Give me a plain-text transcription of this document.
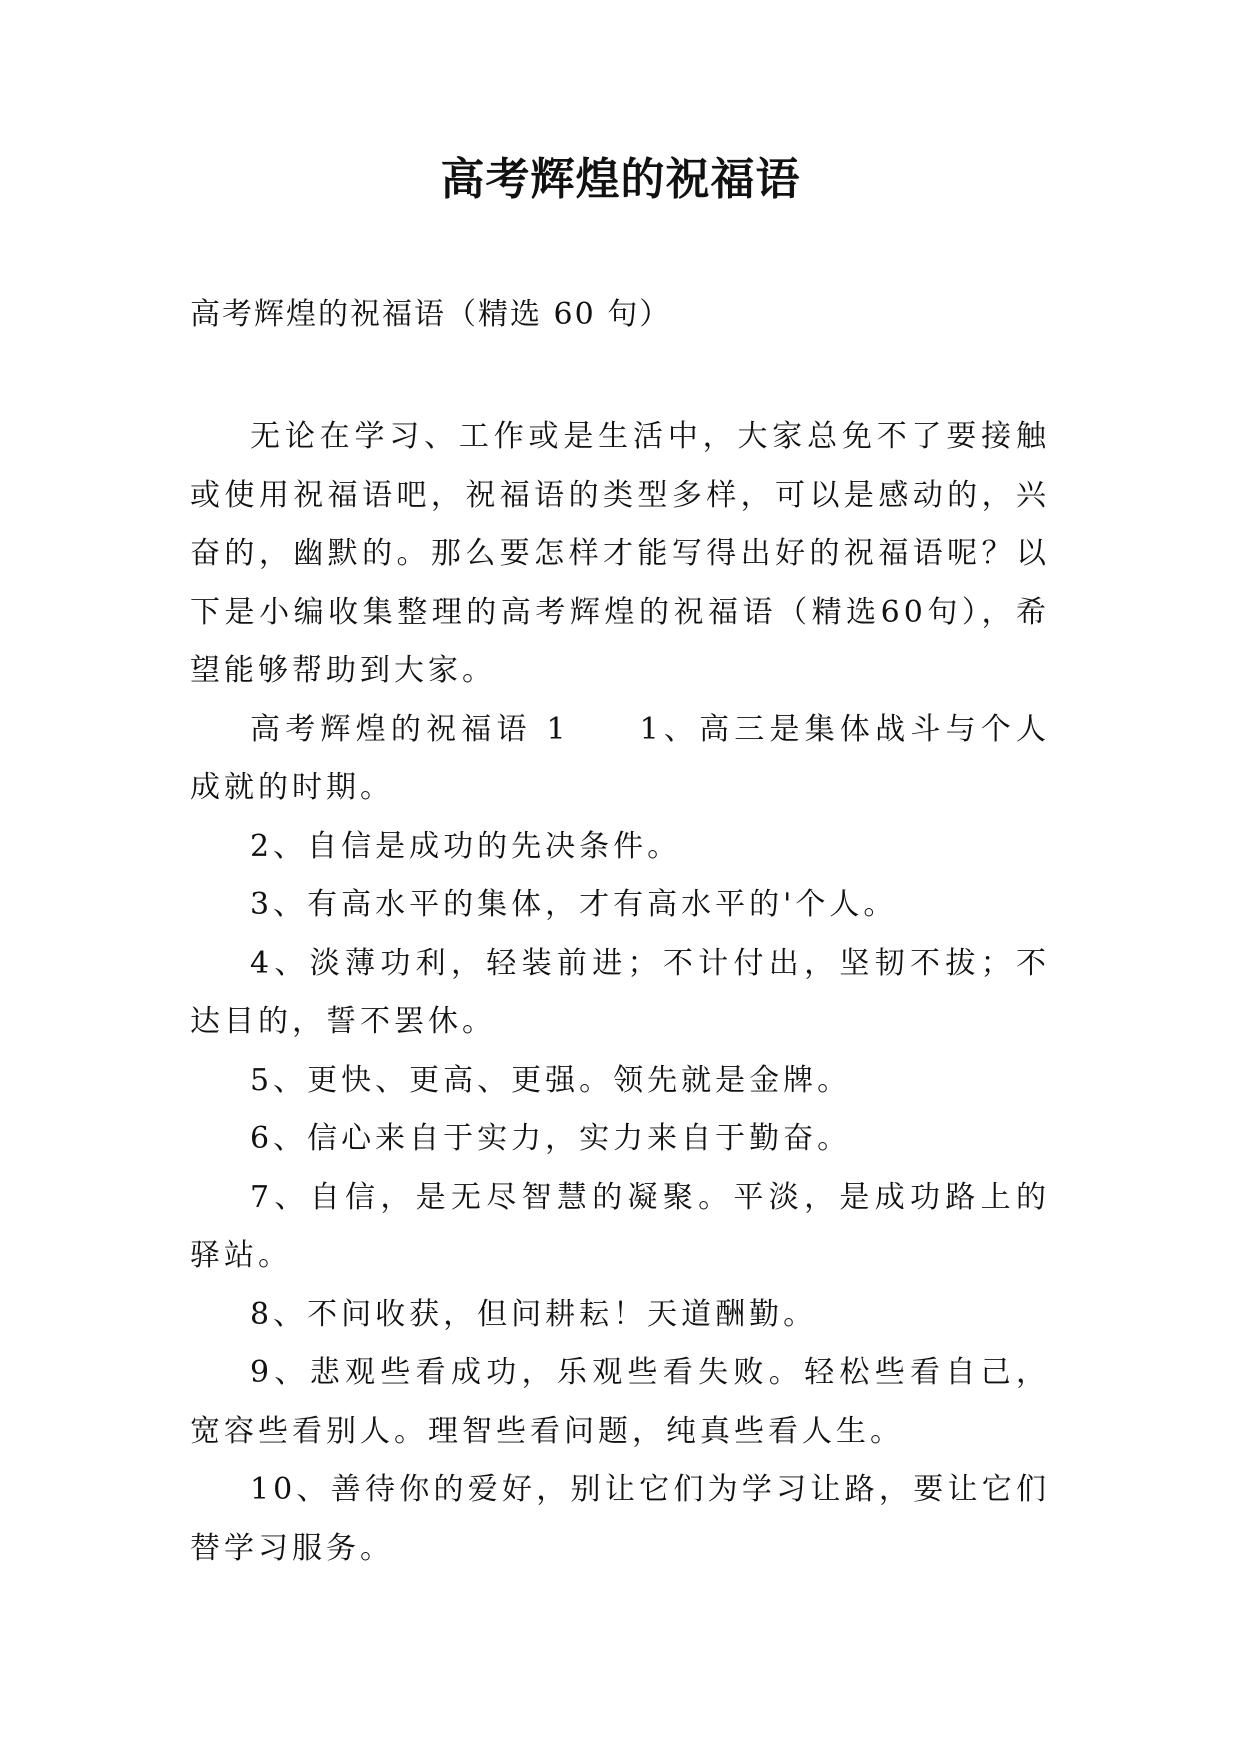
高考辉煌的祝福语
高考辉煌的祝福语（精选 60 句）

无论在学习、工作或是生活中，大家总免不了要接触或使用祝福语吧，祝福语的类型多样，可以是感动的，兴奋的，幽默的。那么要怎样才能写得出好的祝福语呢？以下是小编收集整理的高考辉煌的祝福语（精选60句），希望能够帮助到大家。

高考辉煌的祝福语 1 1、高三是集体战斗与个人成就的时期。

2、自信是成功的先决条件。

3、有高水平的集体，才有高水平的'个人。

4、淡薄功利，轻装前进；不计付出，坚韧不拔；不达目的，誓不罢休。

5、更快、更高、更强。领先就是金牌。

6、信心来自于实力，实力来自于勤奋。

7、自信，是无尽智慧的凝聚。平淡，是成功路上的驿站。

8、不问收获，但问耕耘！天道酬勤。

9、悲观些看成功，乐观些看失败。轻松些看自己，宽容些看别人。理智些看问题，纯真些看人生。

10、善待你的爱好，别让它们为学习让路，要让它们替学习服务。
